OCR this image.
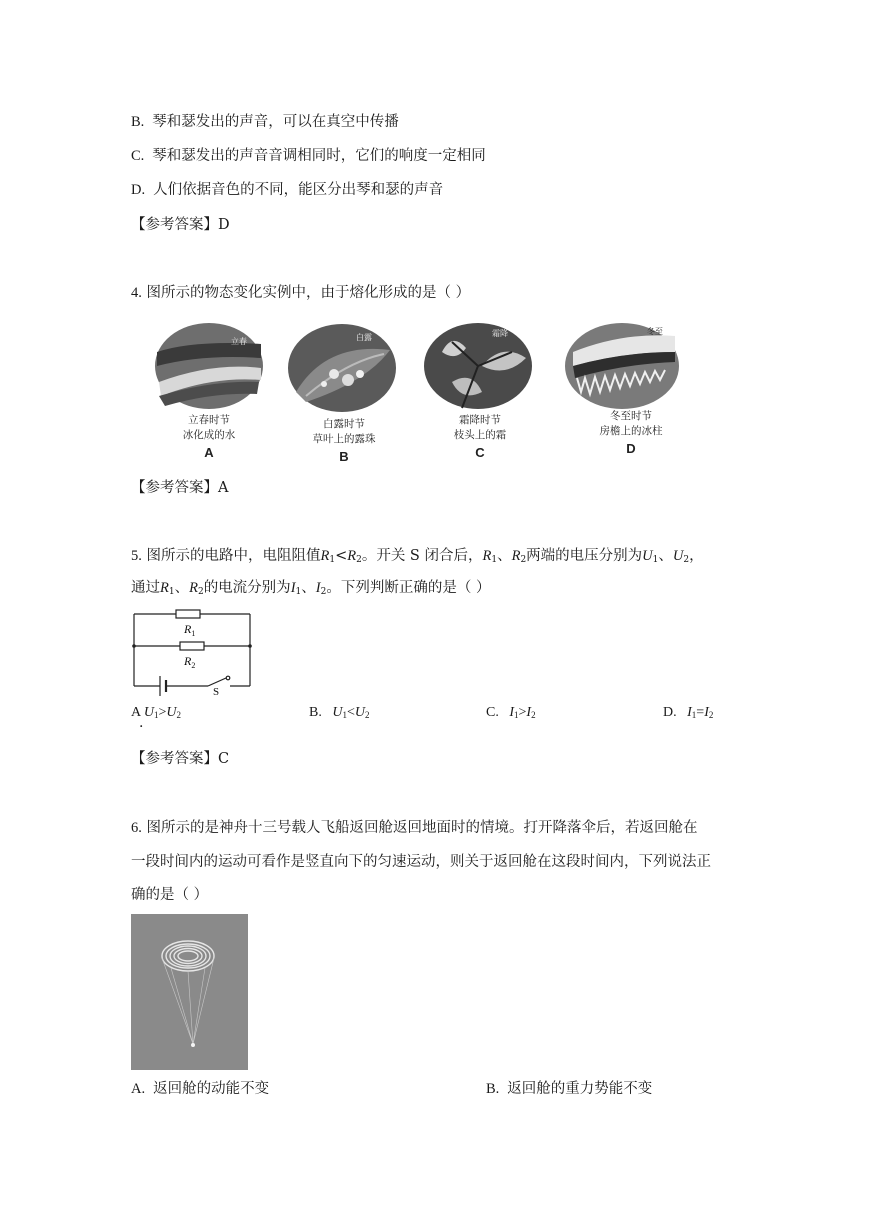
B. 琴和瑟发出的声音，可以在真空中传播
C. 琴和瑟发出的声音音调相同时，它们的响度一定相同
D. 人们依据音色的不同，能区分出琴和瑟的声音
【参考答案】D
4. 图所示的物态变化实例中，由于熔化形成的是（ ）
立春
立春时节
冰化成的水
A
白露
白露时节
草叶上的露珠
B
霜降
霜降时节
枝头上的霜
C
冬至
冬至时节
房檐上的冰柱
D
【参考答案】A
5. 图所示的电路中，电阻阻值$R_1<R_2$。开关 S 闭合后，$R_1$、$R_2$两端的电压分别为$U_1$、$U_2$，
通过$R_1$、$R_2$的电流分别为$I_1$、$I_2$。下列判断正确的是（ ）
$R_1$
$R_2$
S
A $U_1>U_2$
·
B. $U_1<U_2$	C. $I_1>I_2$	D. $I_1=I_2$
【参考答案】C
6. 图所示的是神舟十三号载人飞船返回舱返回地面时的情境。打开降落伞后，若返回舱在
一段时间内的运动可看作是竖直向下的匀速运动，则关于返回舱在这段时间内，下列说法正
确的是（ ）
A. 返回舱的动能不变	B. 返回舱的重力势能不变
